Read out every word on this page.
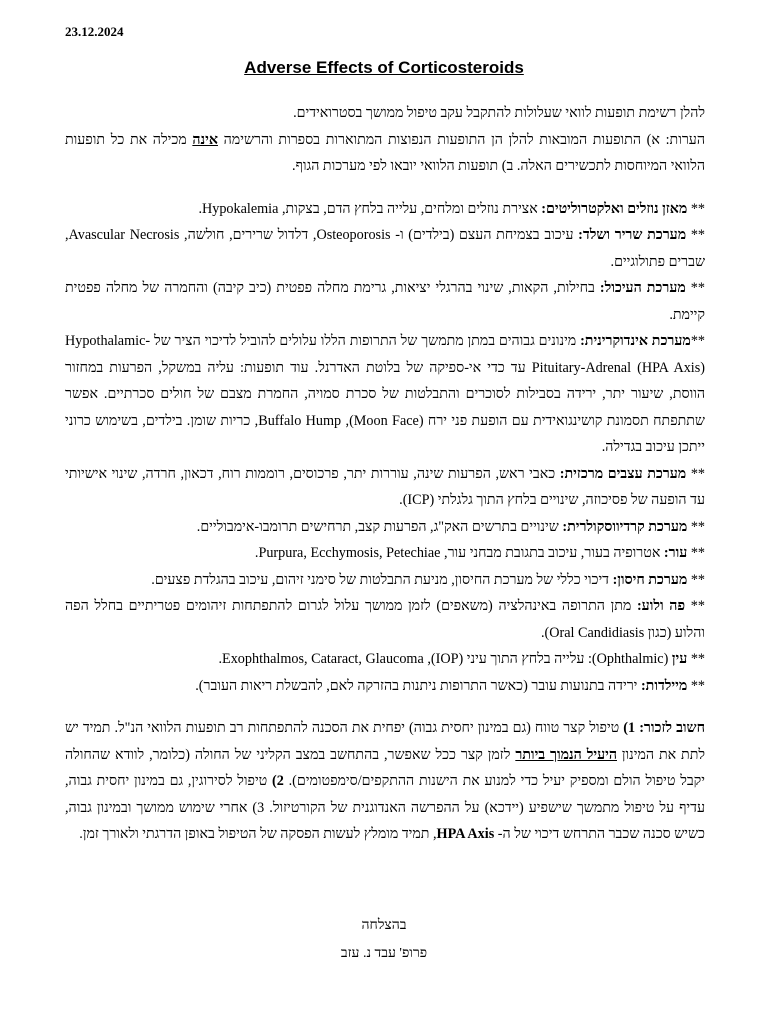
23.12.2024
Adverse Effects of Corticosteroids

להלן רשימת תופעות לוואי שעלולות להתקבל עקב טיפול ממושך בסטרואידים.

הערות: א) התופעות המובאות להלן הן התופעות הנפוצות המתוארות בספרות והרשימה אינה מכילה את כל תופעות הלוואי המיוחסות לתכשירים האלה. ב) תופעות הלוואי יובאו לפי מערכות הגוף.

** מאזן נוזלים ואלקטרוליטים: אצירת נוזלים ומלחים, עלייה בלחץ הדם, בצקות, Hypokalemia.

** מערכת שריר ושלד: עיכוב בצמיחת העצם (בילדים) ו- Osteoporosis, דלדול שרירים, חולשה, Avascular Necrosis, שברים פתולוגיים.

** מערכת העיכול: בחילות, הקאות, שינוי בהרגלי יציאות, גרימת מחלה פפטית (כיב קיבה) והחמרה של מחלה פפטית קיימת.

**מערכת אינדוקרינית: מינונים גבוהים במתן מתמשך של התרופות הללו עלולים להוביל לדיכוי הציר של Hypothalamic-Pituitary-Adrenal (HPA Axis) עד כדי אי-ספיקה של בלוטת האדרנל. עוד תופעות: עליה במשקל, הפרעות במחזור הווסת, שיעור יתר, ירידה בסבילות לסוכרים והתבלטות של סכרת סמויה, החמרת מצבם של חולים סכרתיים. אפשר שתתפתח תסמונת קושינגואידית עם הופעת פני ירח (Moon Face), Buffalo Hump, כריות שומן. בילדים, בשימוש כרוני ייתכן עיכוב בגדילה.

** מערכת עצבים מרכזית: כאבי ראש, הפרעות שינה, עוררות יתר, פרכוסים, רוממות רוח, דכאון, חרדה, שינוי אישיותי עד הופעה של פסיכוזה, שינויים בלחץ התוך גלגלתי (ICP).

** מערכת קרדיווסקולרית: שינויים בתרשים האק"ג, הפרעות קצב, תרחישים תרומבו-אימבוליים.

** עור: אטרופיה בעור, עיכוב בתגובת מבחני עור, Purpura, Ecchymosis, Petechiae.

** מערכת חיסון: דיכוי כללי של מערכת החיסון, מניעת התבלטות של סימני זיהום, עיכוב בהגלדת פצעים.

** פה ולוע: מתן התרופה באינהלציה (משאפים) לזמן ממושך עלול לגרום להתפתחות זיהומים פטריתיים בחלל הפה והלוע (כגון Oral Candidiasis).

** עין (Ophthalmic): עלייה בלחץ התוך עיני (IOP), Exophthalmos, Cataract, Glaucoma.

** מיילדות: ירידה בתנועות עובר (כאשר התרופות ניתנות בהזרקה לאם, להבשלת ריאות העובר).

חשוב לזכור: 1) טיפול קצר טווח (גם במינון יחסית גבוה) יפחית את הסכנה להתפתחות רב תופעות הלוואי הנ"ל. תמיד יש לתת את המינון היעיל הנמוך ביותר לזמן קצר ככל שאפשר, בהתחשב במצב הקליני של החולה (כלומר, לוודא שהחולה יקבל טיפול הולם ומספיק יעיל כדי למנוע את הישנות ההתקפים/סימפטומים). 2) טיפול לסירוגין, גם במינון יחסית גבוה, עדיף על טיפול מתמשך שישפיע (יידכא) על ההפרשה האנדוגנית של הקורטיזול. 3) אחרי שימוש ממושך ובמינון גבוה, כשיש סכנה שכבר התרחש דיכוי של ה- HPA Axis, תמיד מומלץ לעשות הפסקה של הטיפול באופן הדרגתי ולאורך זמן.

בהצלחה
פרופ' עבד נ. עזב
